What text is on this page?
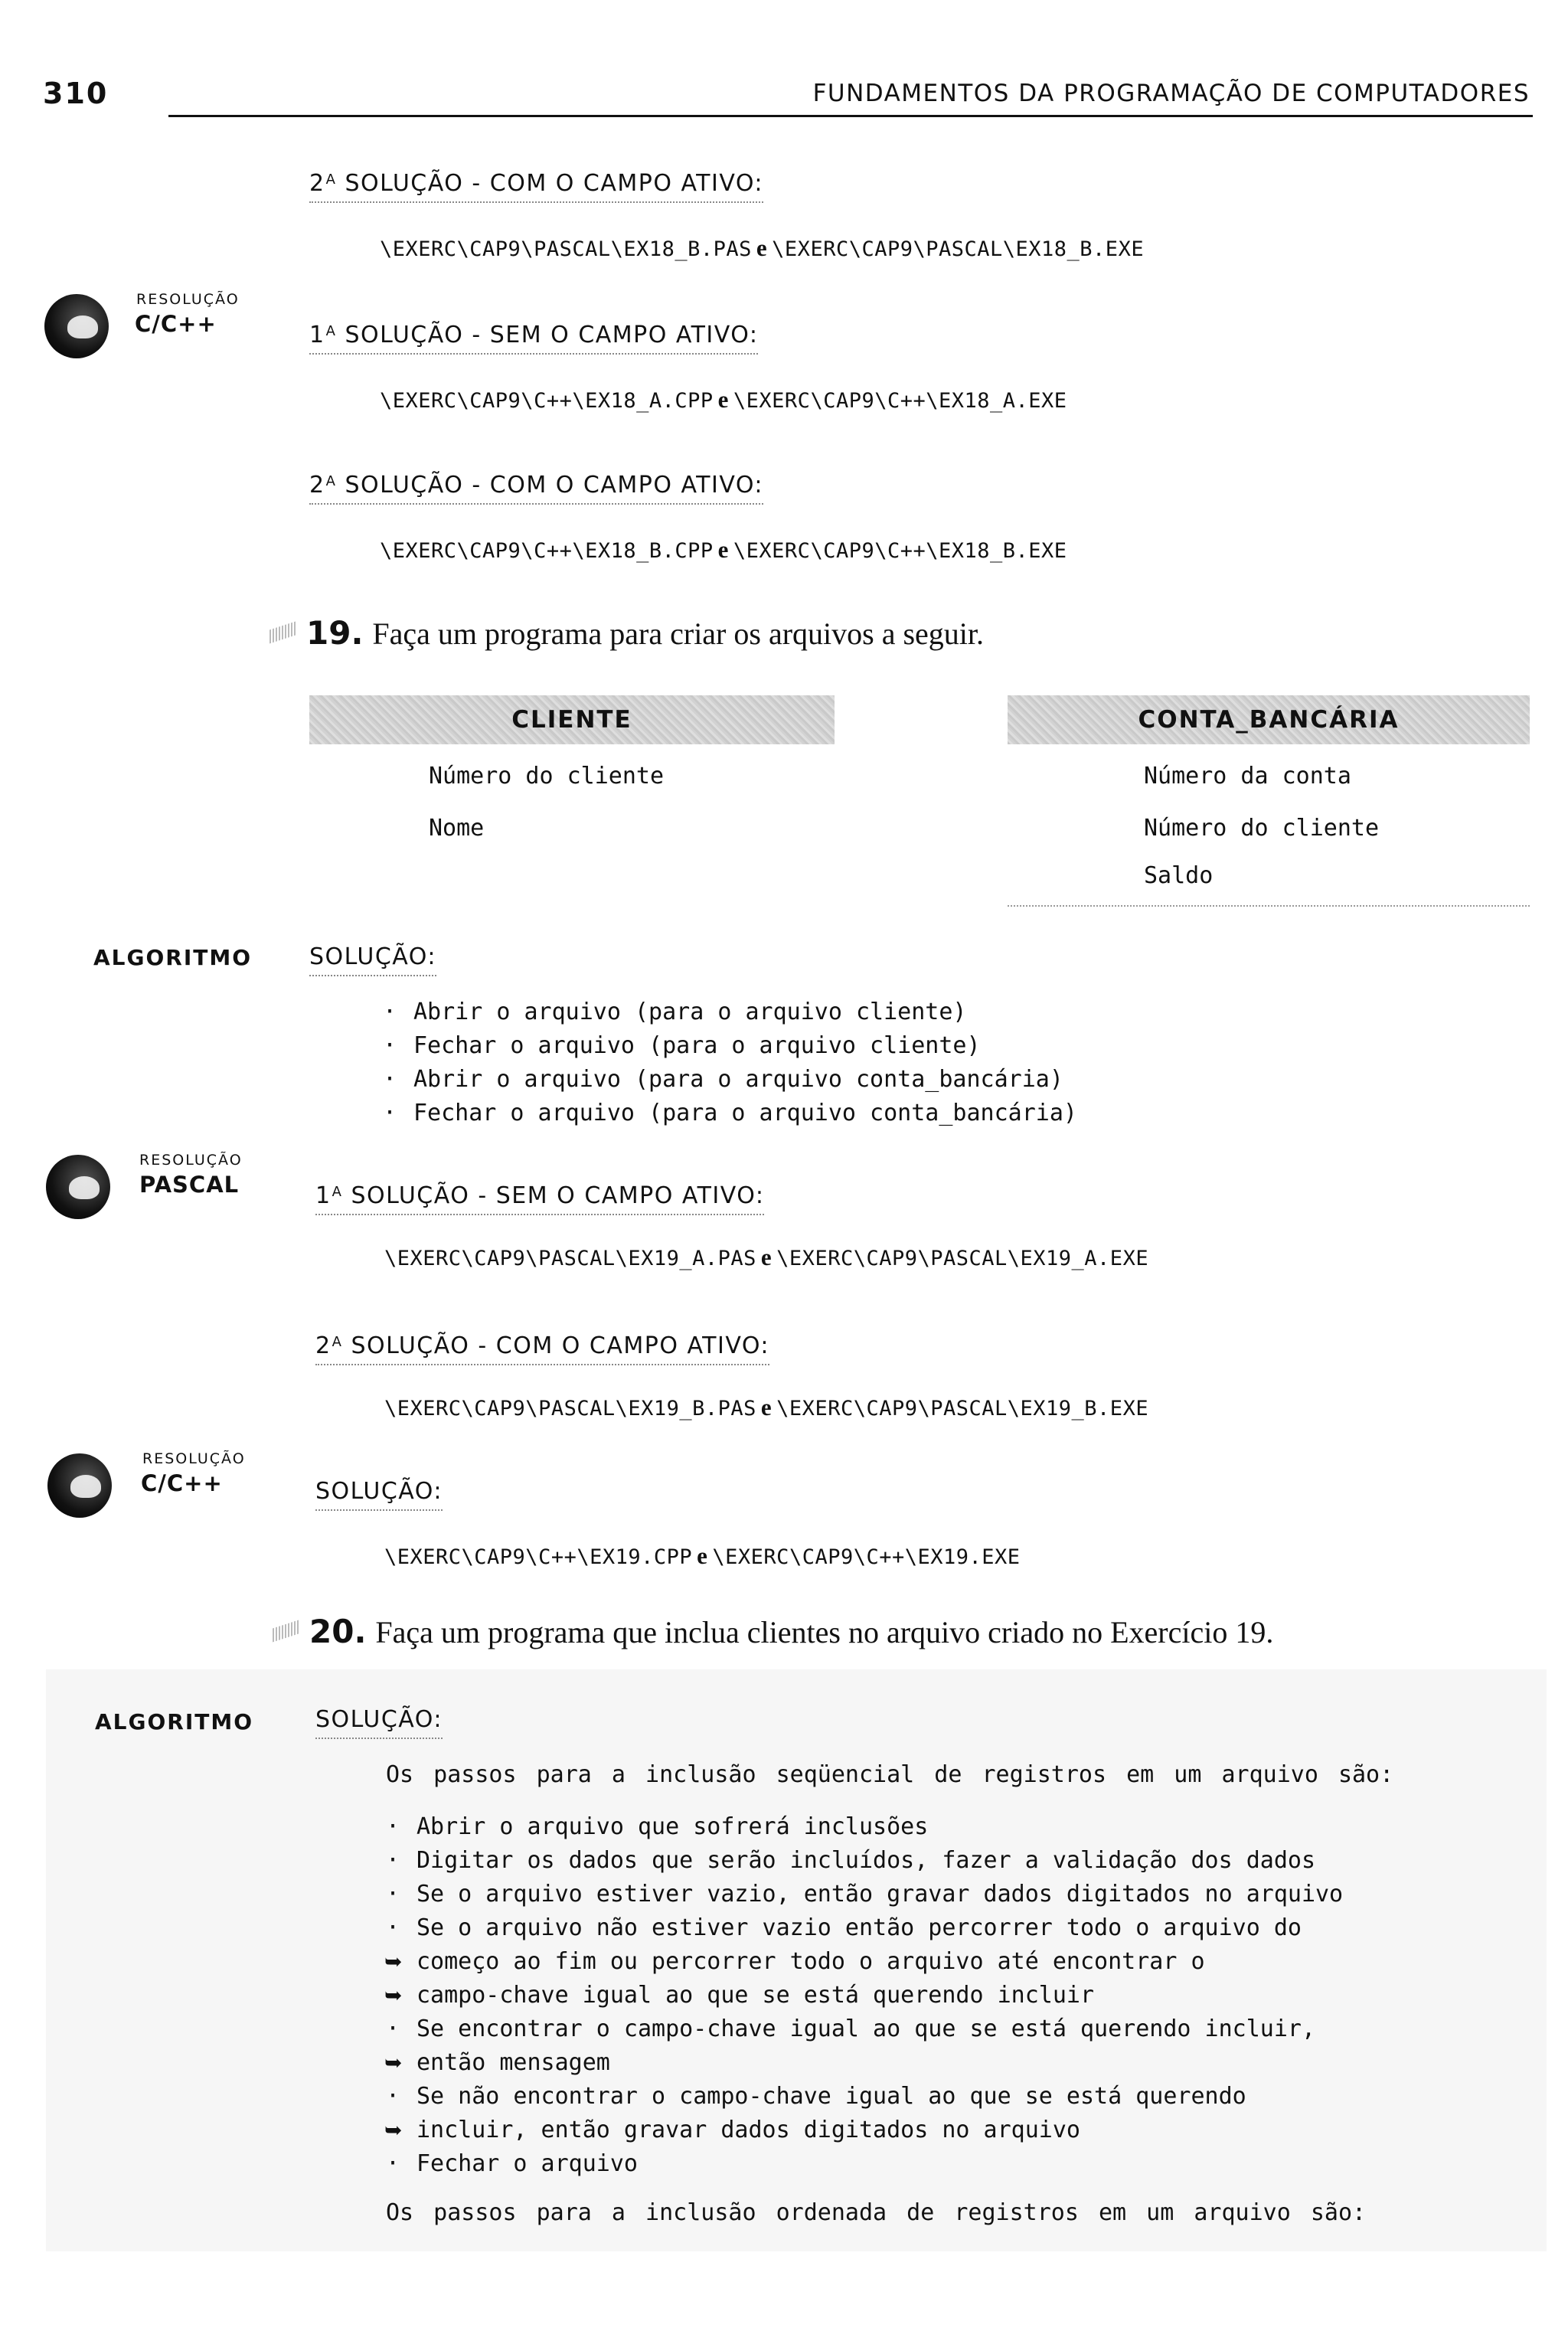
310	FUNDAMENTOS DA PROGRAMAÇÃO DE COMPUTADORES
$2^A$ SOLUÇÃO - COM O CAMPO ATIVO:
\EXERC\CAP9\PASCAL\EX18_B.PAS e \EXERC\CAP9\PASCAL\EX18_B.EXE
RESOLUÇÃO
C/C++	$1^A$ SOLUÇÃO - SEM O CAMPO ATIVO:
\EXERC\CAP9\C++\EX18_A.CPP e \EXERC\CAP9\C++\EX18_A.EXE
$2^A$ SOLUÇÃO - COM O CAMPO ATIVO:
\EXERC\CAP9\C++\EX18_B.CPP e \EXERC\CAP9\C++\EX18_B.EXE
19. Faça um programa para criar os arquivos a seguir.
CLIENTE
Número do cliente
Nome
CONTA_BANCÁRIA
Número da conta
Número do cliente
Saldo
ALGORITMO SOLUÇÃO:
· Abrir o arquivo (para o arquivo cliente)
· Fechar o arquivo (para o arquivo cliente)
· Abrir o arquivo (para o arquivo conta_bancária)
· Fechar o arquivo (para o arquivo conta_bancária)
RESOLUÇÃO
PASCAL	$1^A$ SOLUÇÃO - SEM O CAMPO ATIVO:
\EXERC\CAP9\PASCAL\EX19_A.PAS e \EXERC\CAP9\PASCAL\EX19_A.EXE
$2^A$ SOLUÇÃO - COM O CAMPO ATIVO:
\EXERC\CAP9\PASCAL\EX19_B.PAS e \EXERC\CAP9\PASCAL\EX19_B.EXE
RESOLUÇÃO
C/C++	SOLUÇÃO:
\EXERC\CAP9\C++\EX19.CPP e \EXERC\CAP9\C++\EX19.EXE
20. Faça um programa que inclua clientes no arquivo criado no Exercício 19.
ALGORITMO	SOLUÇÃO:
Os passos para a inclusão seqüencial de registros em um arquivo são:
· Abrir o arquivo que sofrerá inclusões
· Digitar os dados que serão incluídos, fazer a validação dos dados
· Se o arquivo estiver vazio, então gravar dados digitados no arquivo
· Se o arquivo não estiver vazio então percorrer todo o arquivo do
➥ começo ao fim ou percorrer todo o arquivo até encontrar o
➥ campo-chave igual ao que se está querendo incluir
· Se encontrar o campo-chave igual ao que se está querendo incluir,
➥ então mensagem
· Se não encontrar o campo-chave igual ao que se está querendo
➥ incluir, então gravar dados digitados no arquivo
· Fechar o arquivo
Os passos para a inclusão ordenada de registros em um arquivo são:
